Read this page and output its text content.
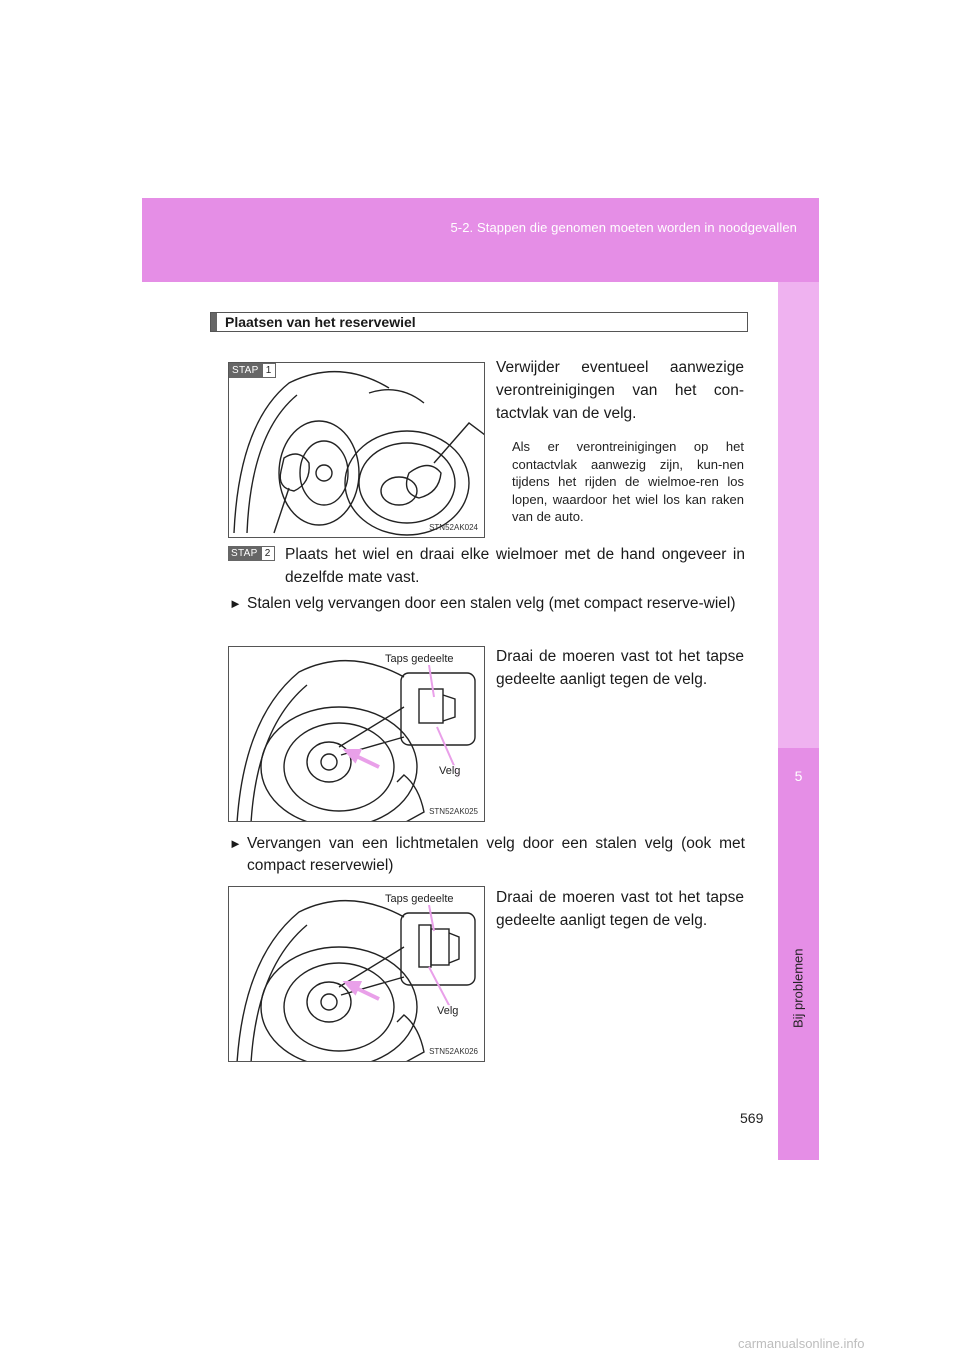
5-2. Stappen die genomen moeten worden in noodgevallen
5
Bij problemen
Plaatsen van het reservewiel
STAP 1
STN52AK024
Verwijder eventueel aanwezige verontreinigingen van het con-tactvlak van de velg.
Als er verontreinigingen op het contactvlak aanwezig zijn, kun-nen tijdens het rijden de wielmoe-ren los lopen, waardoor het wiel los kan raken van de auto.
STAP 2 Plaats het wiel en draai elke wielmoer met de hand ongeveer in dezelfde mate vast.
► Stalen velg vervangen door een stalen velg (met compact reserve-wiel)
Taps gedeelte
Velg
STN52AK025
Draai de moeren vast tot het tapse gedeelte aanligt tegen de velg.
► Vervangen van een lichtmetalen velg door een stalen velg (ook met compact reservewiel)
Taps gedeelte
Velg
STN52AK026
Draai de moeren vast tot het tapse gedeelte aanligt tegen de velg.
569
carmanualsonline.info
